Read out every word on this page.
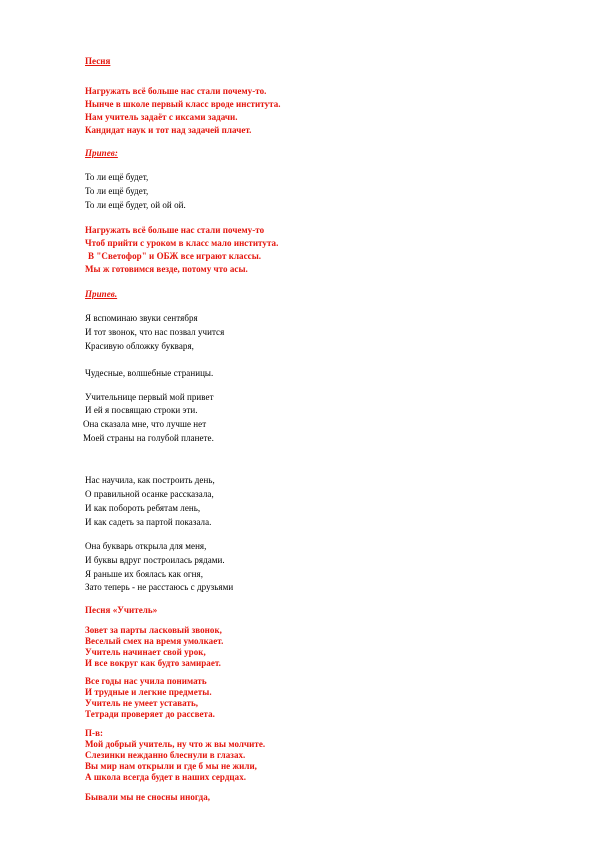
Песня
Нагружать всё больше нас стали почему-то.
Нынче в школе первый класс вроде института.
Нам учитель задаёт с иксами задачи.
Кандидат наук и тот над задачей плачет.
Припев:
То ли ещё будет,
То ли ещё будет,
То ли ещё будет, ой ой ой.
Нагружать всё больше нас стали почему-то
Чтоб прийти с уроком в класс мало института.
В "Светофор" и ОБЖ все играют классы.
Мы ж готовимся везде, потому что асы.
Припев.
Я вспоминаю звуки сентября
И тот звонок, что нас позвал учится
Красивую обложку букваря,
Чудесные, волшебные страницы.
Учительнице первый мой привет
И ей я посвящаю строки эти.
Она сказала мне, что лучше нет
Моей страны на голубой планете.
Нас научила, как построить день,
О правильной осанке рассказала,
И как побороть ребятам лень,
И как садеть за партой показала.
Она букварь открыла для меня,
И буквы вдруг построилась рядами.
Я раньше их боялась как огня,
Зато теперь - не расстаюсь с друзьями
Песня «Учитель»
Зовет за парты ласковый звонок,
Веселый смех на время умолкает.
Учитель начинает свой урок,
И все вокруг как будто замирает.
Все годы нас учила понимать
И трудные и легкие предметы.
Учитель не умеет уставать,
Тетради проверяет до рассвета.
П-в:
Мой добрый учитель, ну что ж вы молчите.
Слезинки нежданно блеснули в глазах.
Вы мир нам открыли и где б мы не жили,
А школа всегда будет в наших сердцах.
Бывали мы не сносны иногда,
